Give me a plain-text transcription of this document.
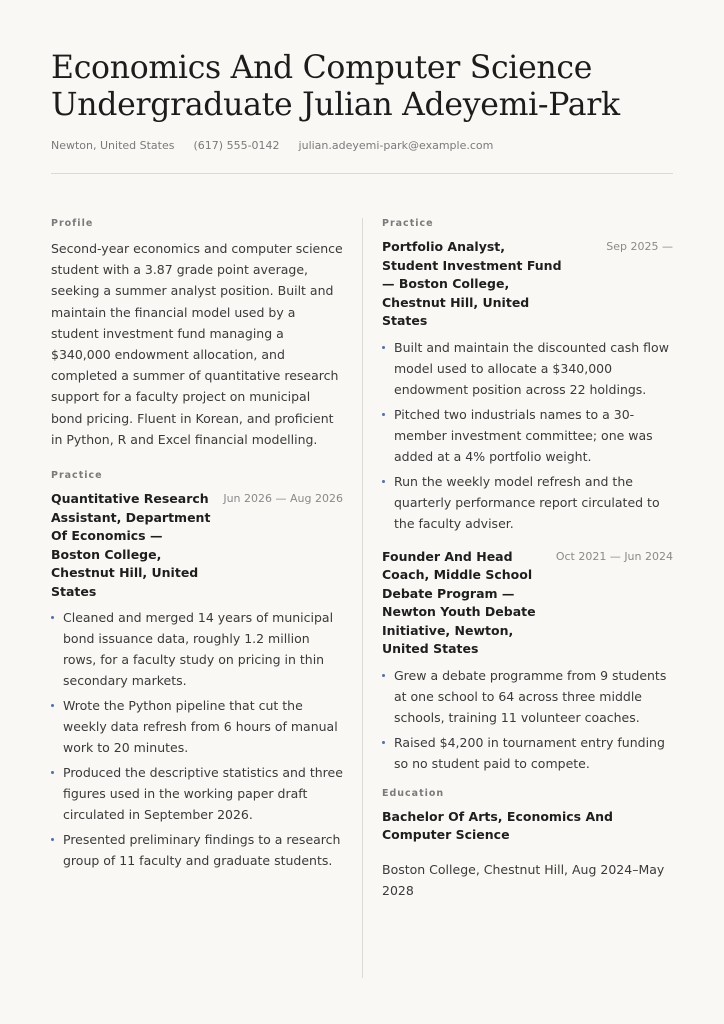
Economics And Computer Science
Undergraduate Julian Adeyemi-Park
Newton, United States (617) 555-0142 julian.adeyemi-park@example.com
Profile

Second-year economics and computer science student with a 3.87 grade point average, seeking a summer analyst position. Built and maintain the financial model used by a student investment fund managing a $340,000 endowment allocation, and completed a summer of quantitative research support for a faculty project on municipal bond pricing. Fluent in Korean, and proficient in Python, R and Excel financial modelling.

Practice
Quantitative Research Assistant, Department Of Economics — Boston College, Chestnut Hill, United States
Jun 2026 — Aug 2026
Cleaned and merged 14 years of municipal bond issuance data, roughly 1.2 million rows, for a faculty study on pricing in thin secondary markets.
Wrote the Python pipeline that cut the weekly data refresh from 6 hours of manual work to 20 minutes.
Produced the descriptive statistics and three figures used in the working paper draft circulated in September 2026.
Presented preliminary findings to a research group of 11 faculty and graduate students.
Practice
Portfolio Analyst, Student Investment Fund — Boston College, Chestnut Hill, United States
Sep 2025 —
Built and maintain the discounted cash flow model used to allocate a $340,000 endowment position across 22 holdings.
Pitched two industrials names to a 30-member investment committee; one was added at a 4% portfolio weight.
Run the weekly model refresh and the quarterly performance report circulated to the faculty adviser.
Founder And Head Coach, Middle School Debate Program — Newton Youth Debate Initiative, Newton, United States
Oct 2021 — Jun 2024
Grew a debate programme from 9 students at one school to 64 across three middle schools, training 11 volunteer coaches.
Raised $4,200 in tournament entry funding so no student paid to compete.
Education

Bachelor Of Arts, Economics And Computer Science

Boston College, Chestnut Hill, Aug 2024–May 2028
